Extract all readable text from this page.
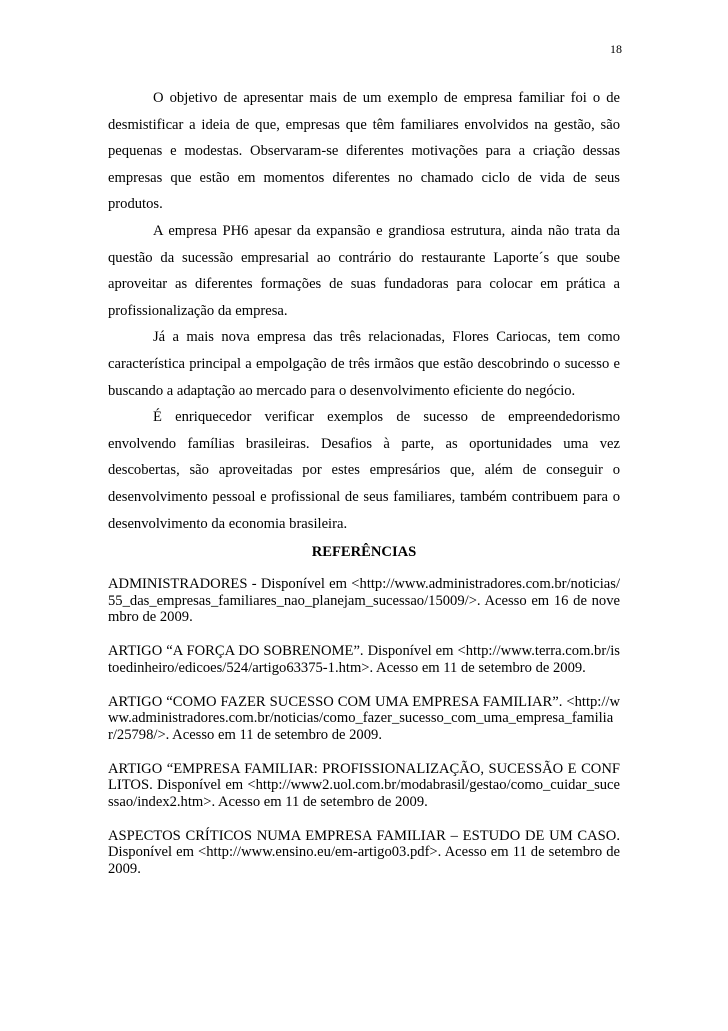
18

O objetivo de apresentar mais de um exemplo de empresa familiar foi o de desmistificar a ideia de que, empresas que têm familiares envolvidos na gestão, são pequenas e modestas. Observaram-se diferentes motivações para a criação dessas empresas que estão em momentos diferentes no chamado ciclo de vida de seus produtos.

A empresa PH6 apesar da expansão e grandiosa estrutura, ainda não trata da questão da sucessão empresarial ao contrário do restaurante Laporte´s que soube aproveitar as diferentes formações de suas fundadoras para colocar em prática a profissionalização da empresa.

Já a mais nova empresa das três relacionadas, Flores Cariocas, tem como característica principal a empolgação de três irmãos que estão descobrindo o sucesso e buscando a adaptação ao mercado para o desenvolvimento eficiente do negócio.

É enriquecedor verificar exemplos de sucesso de empreendedorismo envolvendo famílias brasileiras. Desafios à parte, as oportunidades uma vez descobertas, são aproveitadas por estes empresários que, além de conseguir o desenvolvimento pessoal e profissional de seus familiares, também contribuem para o desenvolvimento da economia brasileira.

REFERÊNCIAS

ADMINISTRADORES - Disponível em <http://www.administradores.com.br/noticias/55_das_empresas_familiares_nao_planejam_sucessao/15009/>. Acesso em 16 de novembro de 2009.

ARTIGO “A FORÇA DO SOBRENOME”. Disponível em <http://www.terra.com.br/istoedinheiro/edicoes/524/artigo63375-1.htm>. Acesso em 11 de setembro de 2009.

ARTIGO “COMO FAZER SUCESSO COM UMA EMPRESA FAMILIAR”. <http://www.administradores.com.br/noticias/como_fazer_sucesso_com_uma_empresa_familiar/25798/>. Acesso em 11 de setembro de 2009.

ARTIGO “EMPRESA FAMILIAR: PROFISSIONALIZAÇÃO, SUCESSÃO E CONFLITOS. Disponível em <http://www2.uol.com.br/modabrasil/gestao/como_cuidar_sucessao/index2.htm>. Acesso em 11 de setembro de 2009.

ASPECTOS CRÍTICOS NUMA EMPRESA FAMILIAR – ESTUDO DE UM CASO. Disponível em <http://www.ensino.eu/em-artigo03.pdf>. Acesso em 11 de setembro de 2009.
